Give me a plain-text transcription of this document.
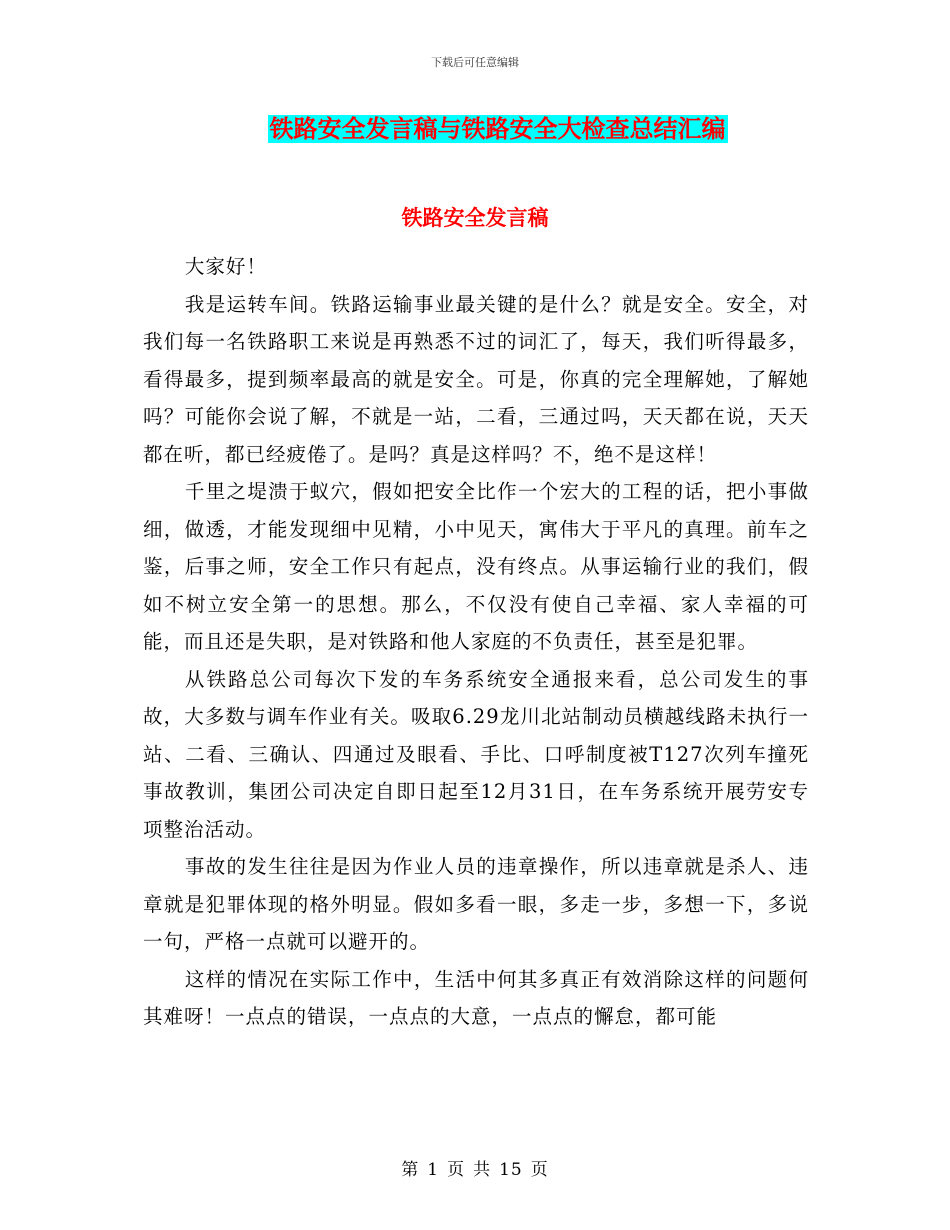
下载后可任意编辑
铁路安全发言稿与铁路安全大检查总结汇编
铁路安全发言稿

大家好！

我是运转车间。铁路运输事业最关键的是什么？就是安全。安全，对我们每一名铁路职工来说是再熟悉不过的词汇了，每天，我们听得最多，看得最多，提到频率最高的就是安全。可是，你真的完全理解她，了解她吗？可能你会说了解，不就是一站，二看，三通过吗，天天都在说，天天都在听，都已经疲倦了。是吗？真是这样吗？不，绝不是这样！

千里之堤溃于蚁穴，假如把安全比作一个宏大的工程的话，把小事做细，做透，才能发现细中见精，小中见天，寓伟大于平凡的真理。前车之鉴，后事之师，安全工作只有起点，没有终点。从事运输行业的我们，假如不树立安全第一的思想。那么，不仅没有使自己幸福、家人幸福的可能，而且还是失职，是对铁路和他人家庭的不负责任，甚至是犯罪。

从铁路总公司每次下发的车务系统安全通报来看，总公司发生的事故，大多数与调车作业有关。吸取6.29龙川北站制动员横越线路未执行一站、二看、三确认、四通过及眼看、手比、口呼制度被T127次列车撞死事故教训，集团公司决定自即日起至12月31日，在车务系统开展劳安专项整治活动。

事故的发生往往是因为作业人员的违章操作，所以违章就是杀人、违章就是犯罪体现的格外明显。假如多看一眼，多走一步，多想一下，多说一句，严格一点就可以避开的。

这样的情况在实际工作中，生活中何其多真正有效消除这样的问题何其难呀！一点点的错误，一点点的大意，一点点的懈怠，都可能

第 1 页 共 15 页
